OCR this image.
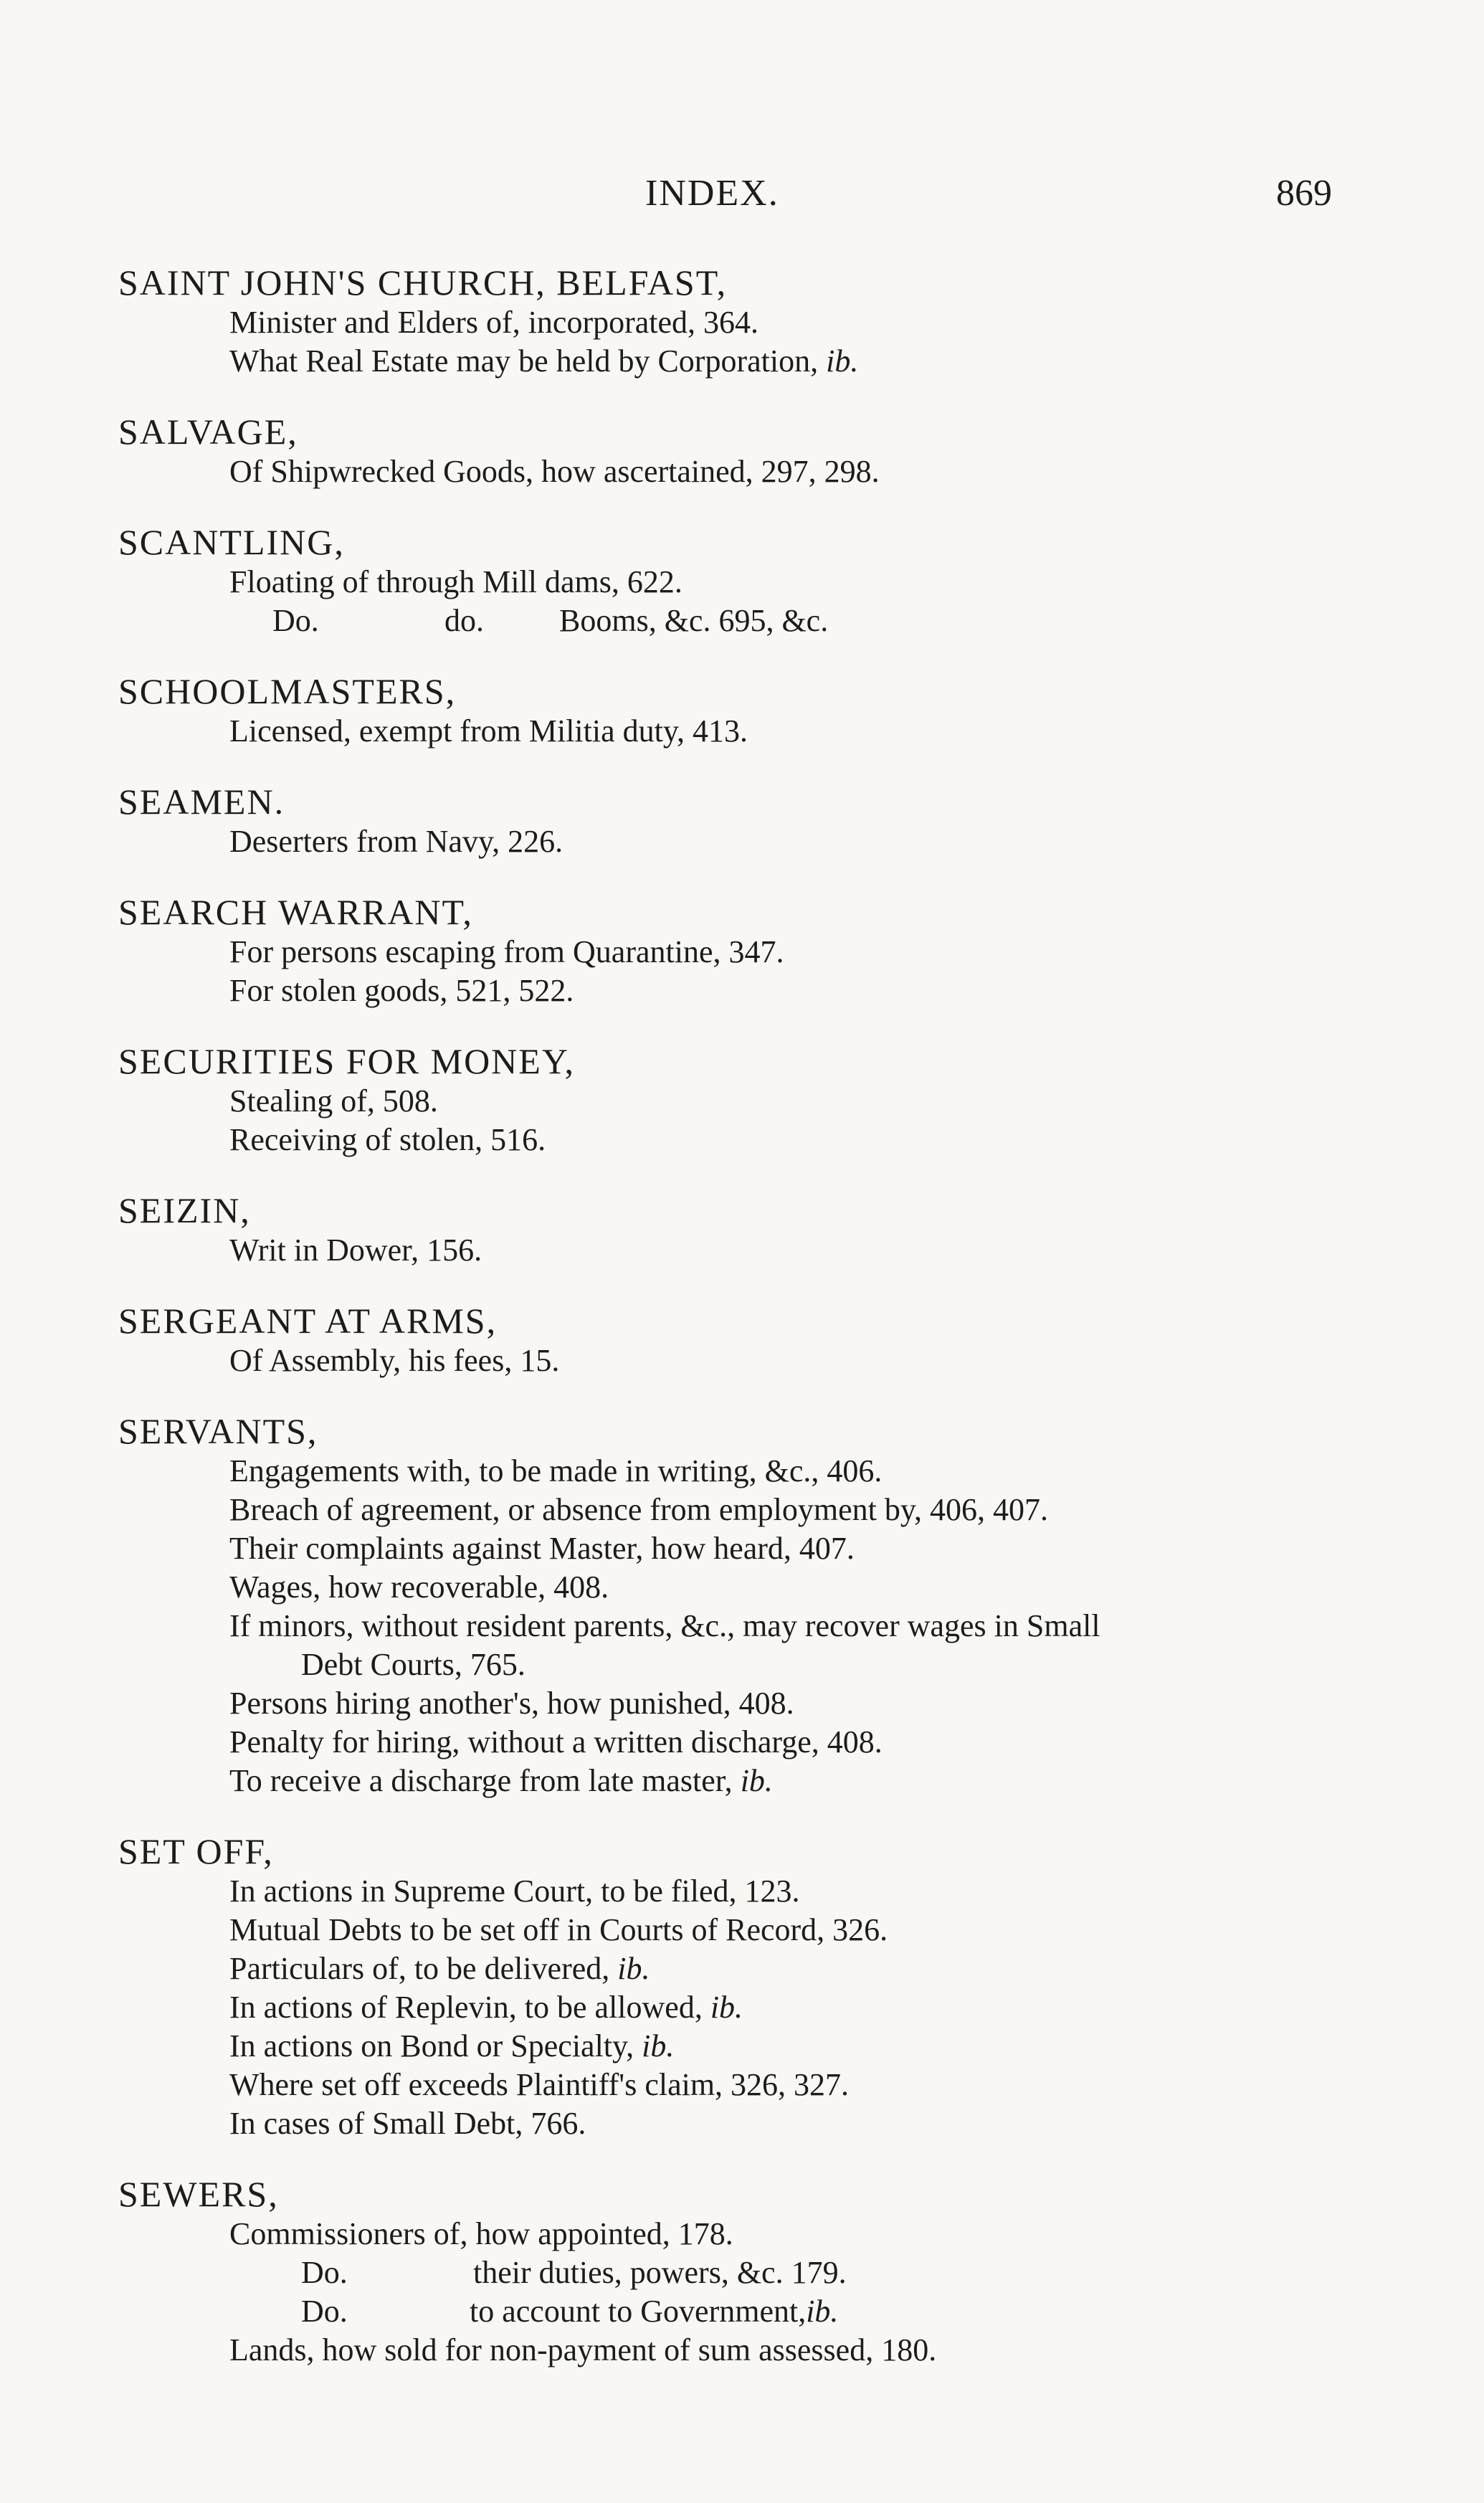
INDEX.	869
SAINT JOHN'S CHURCH, BELFAST,
Minister and Elders of, incorporated, 364.
What Real Estate may be held by Corporation, ib.
SALVAGE,
Of Shipwrecked Goods, how ascertained, 297, 298.
SCANTLING,
Floating of through Mill dams, 622.
Do.	do. Booms, &c. 695, &c.
SCHOOLMASTERS,
Licensed, exempt from Militia duty, 413.
SEAMEN.
Deserters from Navy, 226.
SEARCH WARRANT,
For persons escaping from Quarantine, 347.
For stolen goods, 521, 522.
SECURITIES FOR MONEY,
Stealing of, 508.
Receiving of stolen, 516.
SEIZIN,
Writ in Dower, 156.
SERGEANT AT ARMS,
Of Assembly, his fees, 15.
SERVANTS,
Engagements with, to be made in writing, &c., 406.
Breach of agreement, or absence from employment by, 406, 407.
Their complaints against Master, how heard, 407.
Wages, how recoverable, 408.
If minors, without resident parents, &c., may recover wages in Small
Debt Courts, 765.
Persons hiring another's, how punished, 408.
Penalty for hiring, without a written discharge, 408.
To receive a discharge from late master, ib.
SET OFF,
In actions in Supreme Court, to be filed, 123.
Mutual Debts to be set off in Courts of Record, 326.
Particulars of, to be delivered, ib.
In actions of Replevin, to be allowed, ib.
In actions on Bond or Specialty, ib.
Where set off exceeds Plaintiff's claim, 326, 327.
In cases of Small Debt, 766.
SEWERS,
Commissioners of, how appointed, 178.
Do.	their duties, powers, &c. 179.
Do.	to account to Government, ib.
Lands, how sold for non-payment of sum assessed, 180.
